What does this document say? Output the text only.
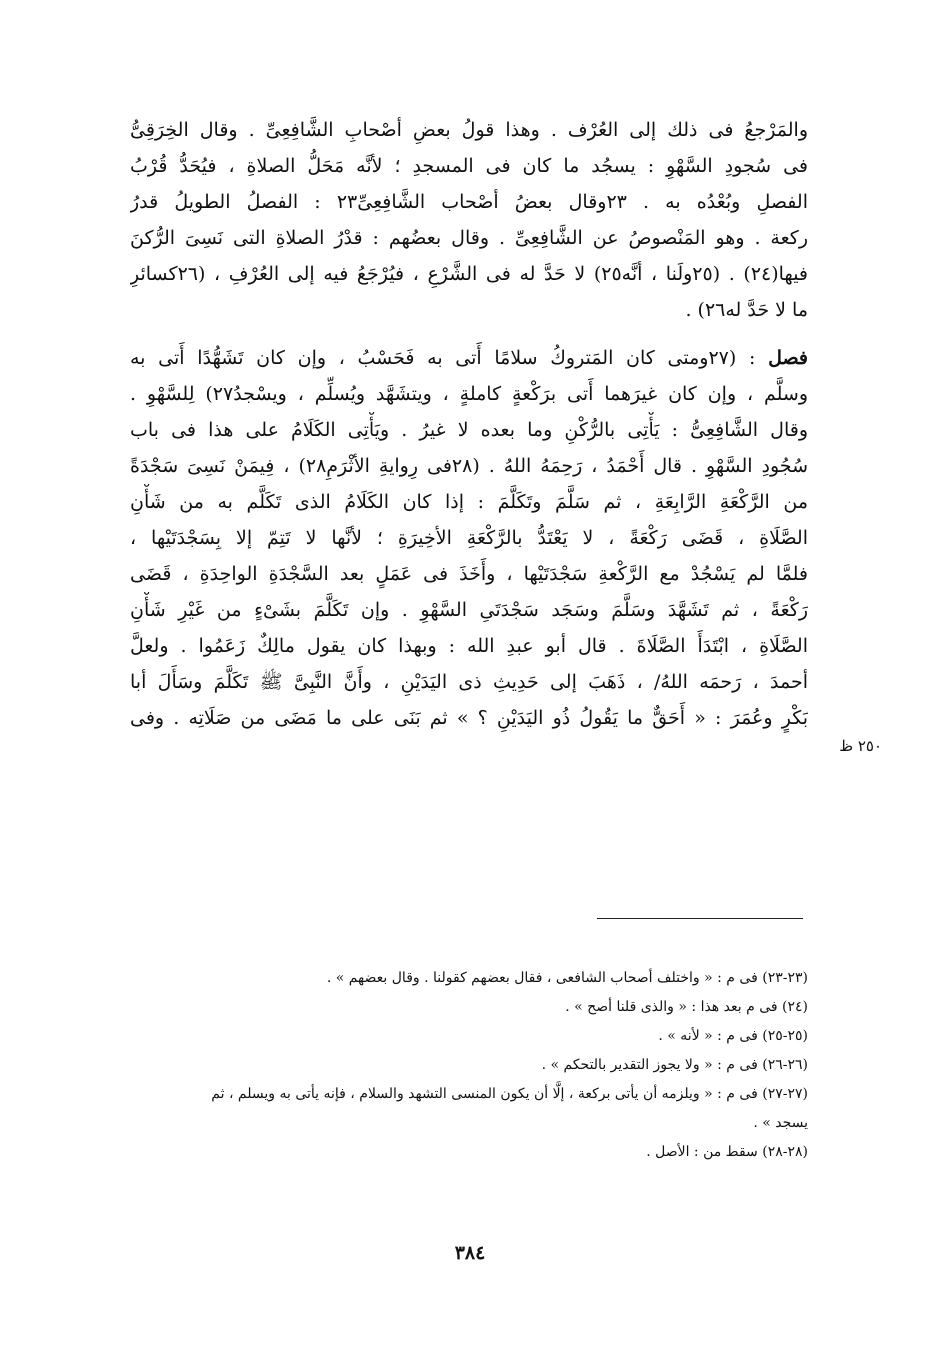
والمَرْجعُ فى ذلك إلى العُرْف . وهذا قولُ بعضِ أصْحابِ الشَّافِعِىِّ . وقال الخِرَقِىُّ
فى سُجودِ السَّهْوِ : يسجُد ما كان فى المسجدِ ؛ لأنَّه مَحَلُّ الصلاةِ ، فيُحَدُّ قُرْبُ
الفصلِ وبُعْدُه به . ٢٣وقال بعضُ أصْحاب الشَّافِعِىِّ٢٣ : الفصلُ الطويلُ قدرُ
ركعة . وهو المَنْصوصُ عن الشَّافِعِىِّ . وقال بعضُهم : قدْرُ الصلاةِ التى نَسِىَ الرُّكنَ
فيها(٢٤) . (٢٥ولَنا ، أنَّه٢٥) لا حَدَّ له فى الشَّرْعِ ، فيُرْجَعُ فيه إلى العُرْفِ ، (٢٦كسائرِ
ما لا حَدَّ له٢٦) .
فصل : (٢٧ومتى كان المَتروكُ سلامًا أَتى به فَحَسْبُ ، وإن كان تَشَهُّدًا أَتى به
وسلَّم ، وإن كان غيرَهما أَتى برَكْعةٍ كاملةٍ ، ويتشَهَّد ويُسلِّم ، ويسْجدُ٢٧) لِلسَّهْوِ .
وقال الشَّافِعِىُّ : يَأْتِى بالرُّكْنِ وما بعده لا غيرُ . ويَأْتِى الكَلَامُ على هذا فى باب
سُجُودِ السَّهْوِ . قال أَحْمَدُ ، رَحِمَهُ اللهُ . (٢٨فى رِوايةِ الأثْرَمِ٢٨) ، فِيمَنْ نَسِىَ سَجْدَةً
من الرَّكْعَةِ الرَّابِعَةِ ، ثم سَلَّمَ وتَكَلَّمَ : إذا كان الكَلَامُ الذى تَكَلَّم به من شَأْنِ
الصَّلَاةِ ، قَضَى رَكْعَةً ، لا يَعْتَدُّ بالرَّكْعَةِ الأخِيرَةِ ؛ لأنَّها لا تَتِمّ إلا بِسَجْدَتَيْها ،
فلمَّا لم يَسْجُدْ مع الرَّكْعةِ سَجْدَتَيْها ، وأَخَذَ فى عَمَلٍ بعد السَّجْدَةِ الواحِدَةِ ، قَضَى
رَكْعَةً ، ثم تَشَهَّدَ وسَلَّمَ وسَجَد سَجْدَتَىِ السَّهْوِ . وإن تَكَلَّمَ بشَىْءٍ من غَيْرِ شَأْنِ
الصَّلَاةِ ، ابْتَدَأَ الصَّلَاةَ . قال أبو عبدِ الله : وبهذا كان يقول مالِكٌ زَعَمُوا . ولعلَّ
أحمدَ ، رَحمَه اللهُ/ ، ذَهَبَ إلى حَدِيثِ ذى اليَدَيْنِ ، وأَنَّ النَّبِىَّ ﷺ تَكَلَّمَ وسَأَلَ أبا
بَكْرٍ وعُمَرَ : « أَحَقٌّ ما يَقُولُ ذُو اليَدَيْنِ ؟ » ثم بَنَى على ما مَضَى من صَلَاتِه . وفى
٢٥٠ ظ
(٢٣-٢٣) فى م : « واختلف أصحاب الشافعى ، فقال بعضهم كقولنا . وقال بعضهم » .
(٢٤) فى م بعد هذا : « والذى قلنا أصح » .
(٢٥-٢٥) فى م : « لأنه » .
(٢٦-٢٦) فى م : « ولا يجوز التقدير بالتحكم » .
(٢٧-٢٧) فى م : « ويلزمه أن يأتى بركعة ، إلَّا أن يكون المنسى التشهد والسلام ، فإنه يأتى به ويسلم ، ثم
يسجد » .
(٢٨-٢٨) سقط من : الأصل .
٣٨٤
